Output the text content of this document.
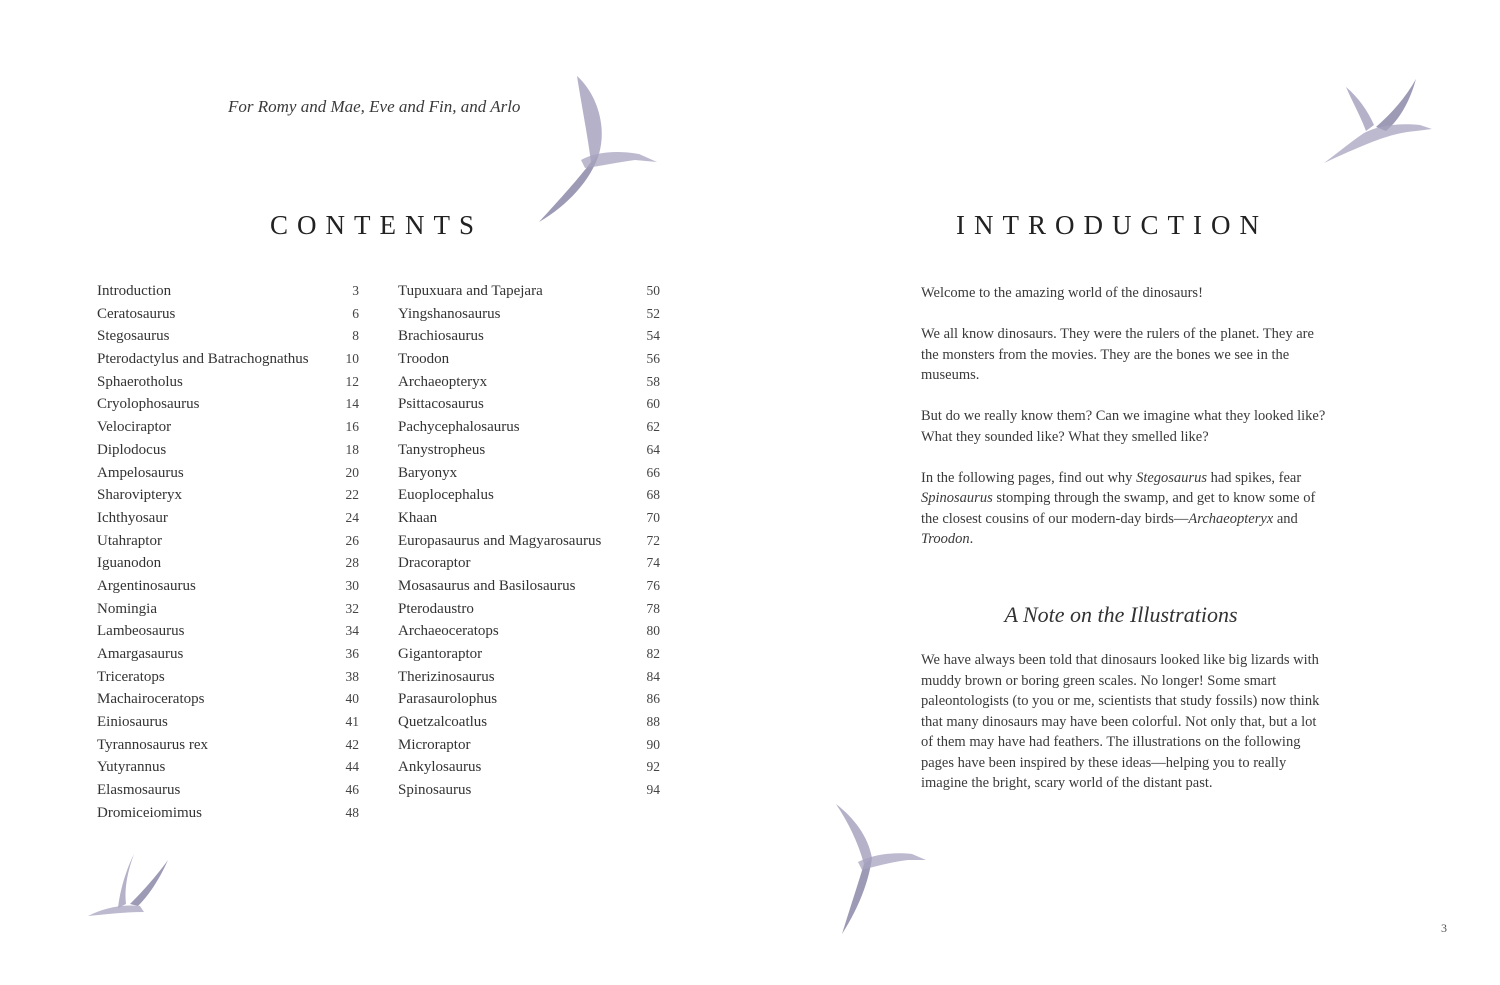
For Romy and Mae, Eve and Fin, and Arlo
CONTENTS
Introduction	3
Ceratosaurus	6
Stegosaurus	8
Pterodactylus and Batrachognathus	10
Sphaerotholus	12
Cryolophosaurus	14
Velociraptor	16
Diplodocus	18
Ampelosaurus	20
Sharovipteryx	22
Ichthyosaur	24
Utahraptor	26
Iguanodon	28
Argentinosaurus	30
Nomingia	32
Lambeosaurus	34
Amargasaurus	36
Triceratops	38
Machairoceratops	40
Einiosaurus	41
Tyrannosaurus rex	42
Yutyrannus	44
Elasmosaurus	46
Dromiceiomimus	48
Tupuxuara and Tapejara	50
Yingshanosaurus	52
Brachiosaurus	54
Troodon	56
Archaeopteryx	58
Psittacosaurus	60
Pachycephalosaurus	62
Tanystropheus	64
Baryonyx	66
Euoplocephalus	68
Khaan	70
Europasaurus and Magyarosaurus	72
Dracoraptor	74
Mosasaurus and Basilosaurus	76
Pterodaustro	78
Archaeoceratops	80
Gigantoraptor	82
Therizinosaurus	84
Parasaurolophus	86
Quetzalcoatlus	88
Microraptor	90
Ankylosaurus	92
Spinosaurus	94
INTRODUCTION

Welcome to the amazing world of the dinosaurs!

We all know dinosaurs. They were the rulers of the planet. They are the monsters from the movies. They are the bones we see in the museums.

But do we really know them? Can we imagine what they looked like? What they sounded like? What they smelled like?

In the following pages, find out why Stegosaurus had spikes, fear Spinosaurus stomping through the swamp, and get to know some of the closest cousins of our modern-day birds—Archaeopteryx and Troodon.

A Note on the Illustrations

We have always been told that dinosaurs looked like big lizards with muddy brown or boring green scales. No longer! Some smart paleontologists (to you or me, scientists that study fossils) now think that many dinosaurs may have been colorful. Not only that, but a lot of them may have had feathers. The illustrations on the following pages have been inspired by these ideas—helping you to really imagine the bright, scary world of the distant past.

3
